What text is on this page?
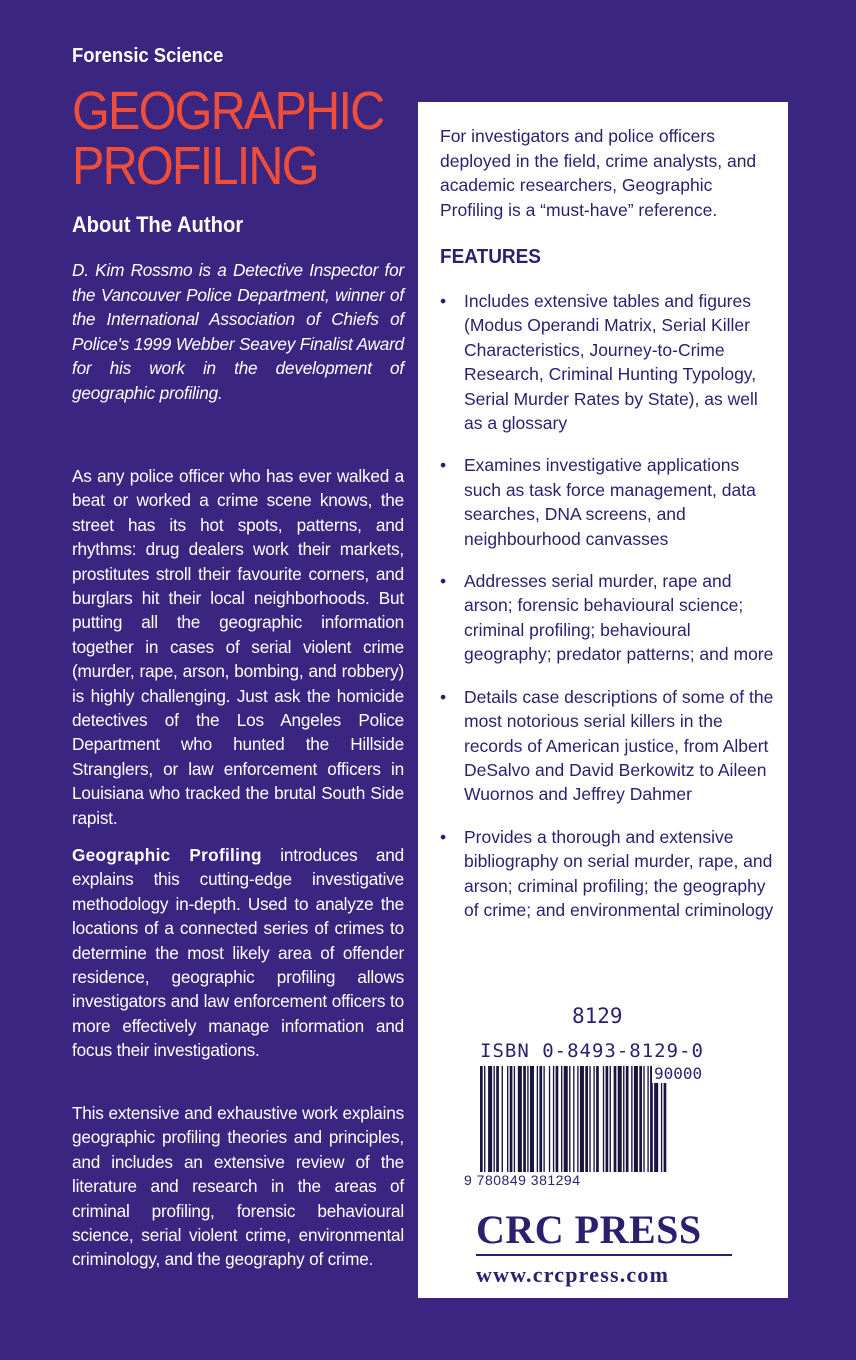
Forensic Science
GEOGRAPHIC
PROFILING
About The Author
D. Kim Rossmo is a Detective Inspector for the Vancouver Police Department, winner of the International Association of Chiefs of Police's 1999 Webber Seavey Finalist Award for his work in the development of geographic profiling.
As any police officer who has ever walked a beat or worked a crime scene knows, the street has its hot spots, patterns, and rhythms: drug dealers work their markets, prostitutes stroll their favourite corners, and burglars hit their local neighborhoods. But putting all the geographic information together in cases of serial violent crime (murder, rape, arson, bombing, and robbery) is highly challenging. Just ask the homicide detectives of the Los Angeles Police Department who hunted the Hillside Stranglers, or law enforcement officers in Louisiana who tracked the brutal South Side rapist.
Geographic Profiling introduces and explains this cutting-edge investigative methodology in-depth. Used to analyze the locations of a connected series of crimes to determine the most likely area of offender residence, geographic profiling allows investigators and law enforcement officers to more effectively manage information and focus their investigations.
This extensive and exhaustive work explains geographic profiling theories and principles, and includes an extensive review of the literature and research in the areas of criminal profiling, forensic behavioural science, serial violent crime, environmental criminology, and the geography of crime.
For investigators and police officers deployed in the field, crime analysts, and academic researchers, Geographic Profiling is a “must-have” reference.
FEATURES
• Includes extensive tables and figures (Modus Operandi Matrix, Serial Killer Characteristics, Journey-to-Crime Research, Criminal Hunting Typology, Serial Murder Rates by State), as well as a glossary
• Examines investigative applications such as task force management, data searches, DNA screens, and neighbourhood canvasses
• Addresses serial murder, rape and arson; forensic behavioural science; criminal profiling; behavioural geography; predator patterns; and more
• Details case descriptions of some of the most notorious serial killers in the records of American justice, from Albert DeSalvo and David Berkowitz to Aileen Wuornos and Jeffrey Dahmer
• Provides a thorough and extensive bibliography on serial murder, rape, and arson; criminal profiling; the geography of crime; and environmental criminology
8129
ISBN 0-8493-8129-0
90000
9 780849 381294
CRC PRESS
www.crcpress.com
